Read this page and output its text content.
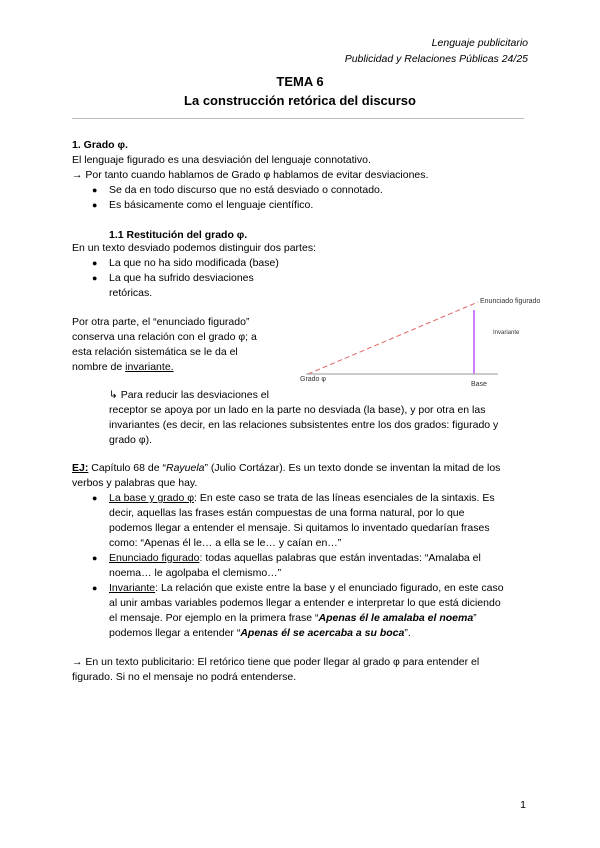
Lenguaje publicitario
Publicidad y Relaciones Públicas 24/25
TEMA 6
La construcción retórica del discurso
1. Grado φ.
El lenguaje figurado es una desviación del lenguaje connotativo.
→ Por tanto cuando hablamos de Grado φ hablamos de evitar desviaciones.
● Se da en todo discurso que no está desviado o connotado.
● Es básicamente como el lenguaje científico.
1.1 Restitución del grado φ.
En un texto desviado podemos distinguir dos partes:
● La que no ha sido modificada (base)
● La que ha sufrido desviaciones
retóricas.
Por otra parte, el “enunciado figurado”
conserva una relación con el grado φ; a
esta relación sistemática se le da el
nombre de invariante.
Enunciado figurado
Invariante
Grado φ
Base
↳ Para reducir las desviaciones el
receptor se apoya por un lado en la parte no desviada (la base), y por otra en las
invariantes (es decir, en las relaciones subsistentes entre los dos grados: figurado y
grado φ).
EJ: Capítulo 68 de “Rayuela” (Julio Cortázar). Es un texto donde se inventan la mitad de los
verbos y palabras que hay.
● La base y grado φ: En este caso se trata de las líneas esenciales de la sintaxis. Es
decir, aquellas las frases están compuestas de una forma natural, por lo que
podemos llegar a entender el mensaje. Si quitamos lo inventado quedarían frases
como: “Apenas él le… a ella se le… y caían en…”
● Enunciado figurado: todas aquellas palabras que están inventadas: “Amalaba el
noema… le agolpaba el clemismo…”
● Invariante: La relación que existe entre la base y el enunciado figurado, en este caso
al unir ambas variables podemos llegar a entender e interpretar lo que está diciendo
el mensaje. Por ejemplo en la primera frase “Apenas él le amalaba el noema”
podemos llegar a entender “Apenas él se acercaba a su boca”.
→ En un texto publicitario: El retórico tiene que poder llegar al grado φ para entender el
figurado. Si no el mensaje no podrá entenderse.
1
